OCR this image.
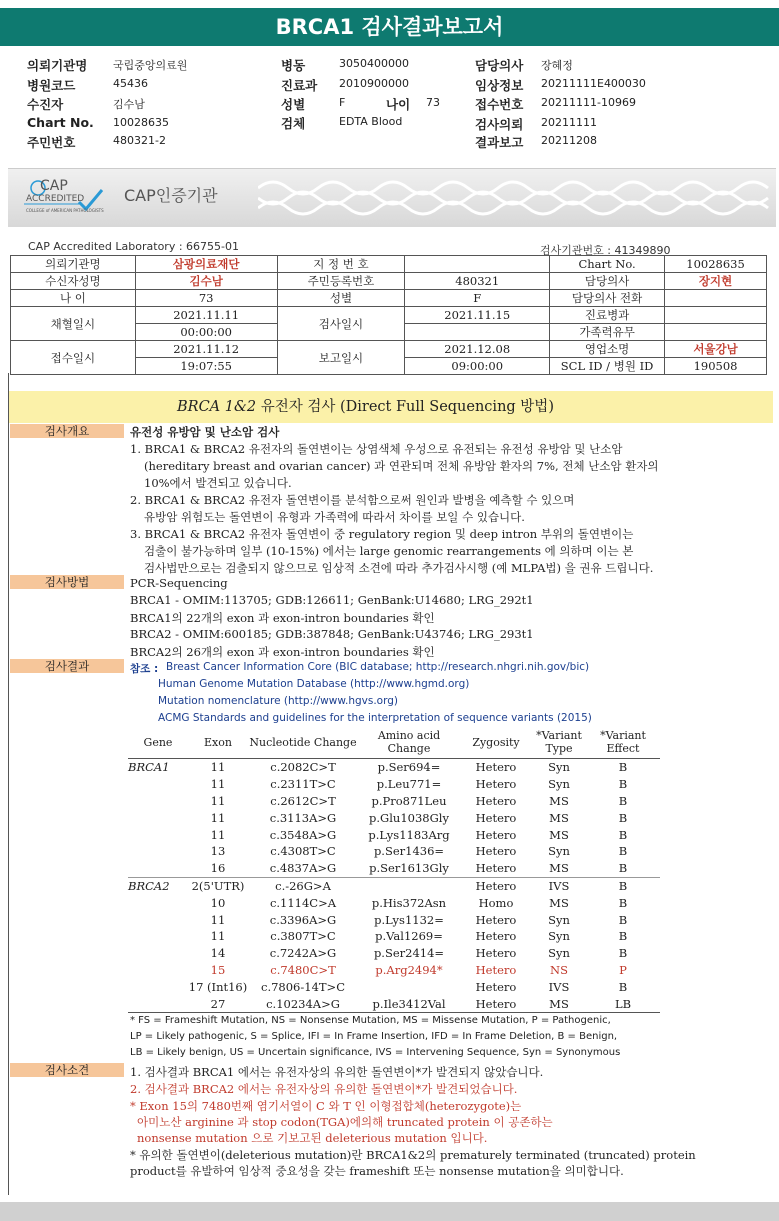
BRCA1 검사결과보고서
의뢰기관명 국립중앙의료원
병원코드	45436
수진자	김수남
Chart No. 10028635
주민번호	480321-2
병동	3050400000
진료과 2010900000
성별	F	나이 73
검체	EDTA Blood
담당의사 장혜정
임상정보 20211111E400030
접수번호 20211111-10969
검사의뢰 20211111
결과보고 20211208
CAP
ACCREDITED
COLLEGE of AMERICAN PATHOLOGISTS
CAP인증기관
CAP Accredited Laboratory : 66755-01	검사기관번호 : 41349890
의뢰기관명	삼광의료재단	지 정 번 호		Chart No.	10028635
수신자성명	김수남	주민등록번호	480321	담당의사	장지현
나 이	73	성별	F	담당의사 전화	
채혈일시	2021.11.11	검사일시	2021.11.15	진료병과	
	00:00:00			가족력유무	
접수일시	2021.11.12	보고일시	2021.12.08	영업소명	서울강남
	19:07:55		09:00:00	SCL ID / 병원 ID	190508
BRCA 1&2 유전자 검사 (Direct Full Sequencing 방법)
검사개요	유전성 유방암 및 난소암 검사
1. BRCA1 & BRCA2 유전자의 돌연변이는 상염색체 우성으로 유전되는 유전성 유방암 및 난소암
(hereditary breast and ovarian cancer) 과 연관되며 전체 유방암 환자의 7%, 전체 난소암 환자의
10%에서 발견되고 있습니다.
2. BRCA1 & BRCA2 유전자 돌연변이를 분석함으로써 원인과 발병을 예측할 수 있으며
유방암 위험도는 돌연변이 유형과 가족력에 따라서 차이를 보일 수 있습니다.
3. BRCA1 & BRCA2 유전자 돌연변이 중 regulatory region 및 deep intron 부위의 돌연변이는
검출이 불가능하며 일부 (10-15%) 에서는 large genomic rearrangements 에 의하며 이는 본
검사법만으로는 검출되지 않으므로 임상적 소견에 따라 추가검사시행 (예 MLPA법) 을 권유 드립니다.
검사방법	PCR-Sequencing
BRCA1 - OMIM:113705; GDB:126611; GenBank:U14680; LRG_292t1
BRCA1의 22개의 exon 과 exon-intron boundaries 확인
BRCA2 - OMIM:600185; GDB:387848; GenBank:U43746; LRG_293t1
BRCA2의 26개의 exon 과 exon-intron boundaries 확인
검사결과	참조 : Breast Cancer Information Core (BIC database; http://research.nhgri.nih.gov/bic)
Human Genome Mutation Database (http://www.hgmd.org)
Mutation nomenclature (http://www.hgvs.org)
ACMG Standards and guidelines for the interpretation of sequence variants (2015)
Gene	Exon	Nucleotide Change	Amino acid Change	Zygosity	*Variant Type	*Variant Effect
BRCA1	11	c.2082C>T	p.Ser694=	Hetero	Syn	B
	11	c.2311T>C	p.Leu771=	Hetero	Syn	B
	11	c.2612C>T	p.Pro871Leu	Hetero	MS	B
	11	c.3113A>G	p.Glu1038Gly	Hetero	MS	B
	11	c.3548A>G	p.Lys1183Arg	Hetero	MS	B
	13	c.4308T>C	p.Ser1436=	Hetero	Syn	B
	16	c.4837A>G	p.Ser1613Gly	Hetero	MS	B
BRCA2	2(5'UTR)	c.-26G>A		Hetero	IVS	B
	10	c.1114C>A	p.His372Asn	Homo	MS	B
	11	c.3396A>G	p.Lys1132=	Hetero	Syn	B
	11	c.3807T>C	p.Val1269=	Hetero	Syn	B
	14	c.7242A>G	p.Ser2414=	Hetero	Syn	B
	15	c.7480C>T	p.Arg2494*	Hetero	NS	P
	17 (Int16)	c.7806-14T>C		Hetero	IVS	B
	27	c.10234A>G	p.Ile3412Val	Hetero	MS	LB
* FS = Frameshift Mutation, NS = Nonsense Mutation, MS = Missense Mutation, P = Pathogenic,
LP = Likely pathogenic, S = Splice, IFI = In Frame Insertion, IFD = In Frame Deletion, B = Benign,
LB = Likely benign, US = Uncertain significance, IVS = Intervening Sequence, Syn = Synonymous
검사소견	1. 검사결과 BRCA1 에서는 유전자상의 유의한 돌연변이*가 발견되지 않았습니다.
2. 검사결과 BRCA2 에서는 유전자상의 유의한 돌연변이*가 발견되었습니다.
* Exon 15의 7480번째 염기서열이 C 와 T 인 이형접합체(heterozygote)는
아미노산 arginine 과 stop codon(TGA)에의해 truncated protein 이 공존하는
nonsense mutation 으로 기보고된 deleterious mutation 입니다.
* 유의한 돌연변이(deleterious mutation)란 BRCA1&2의 prematurely terminated (truncated) protein
product를 유발하여 임상적 중요성을 갖는 frameshift 또는 nonsense mutation을 의미합니다.
